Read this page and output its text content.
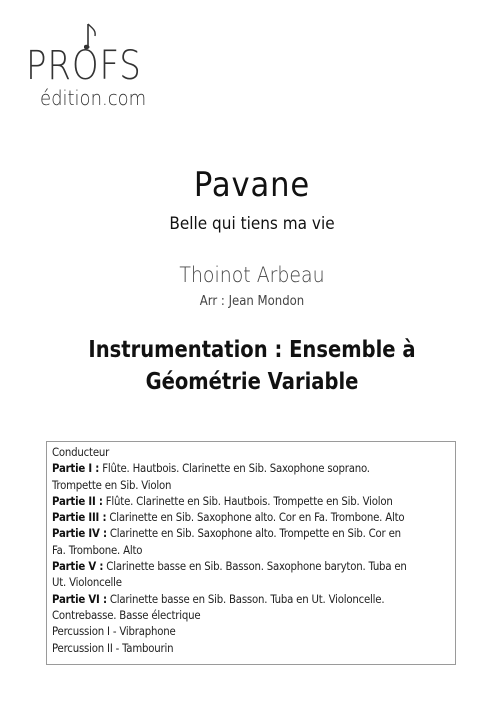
PROFS
édition.com
Pavane
Belle qui tiens ma vie
Thoinot Arbeau
Arr : Jean Mondon
Instrumentation : Ensemble à
Géométrie Variable
Conducteur
Partie I : Flûte. Hautbois. Clarinette en Sib. Saxophone soprano.
Trompette en Sib. Violon
Partie II : Flûte. Clarinette en Sib. Hautbois. Trompette en Sib. Violon
Partie III : Clarinette en Sib. Saxophone alto. Cor en Fa. Trombone. Alto
Partie IV : Clarinette en Sib. Saxophone alto. Trompette en Sib. Cor en
Fa. Trombone. Alto
Partie V : Clarinette basse en Sib. Basson. Saxophone baryton. Tuba en
Ut. Violoncelle
Partie VI : Clarinette basse en Sib. Basson. Tuba en Ut. Violoncelle.
Contrebasse. Basse électrique
Percussion I - Vibraphone
Percussion II - Tambourin
